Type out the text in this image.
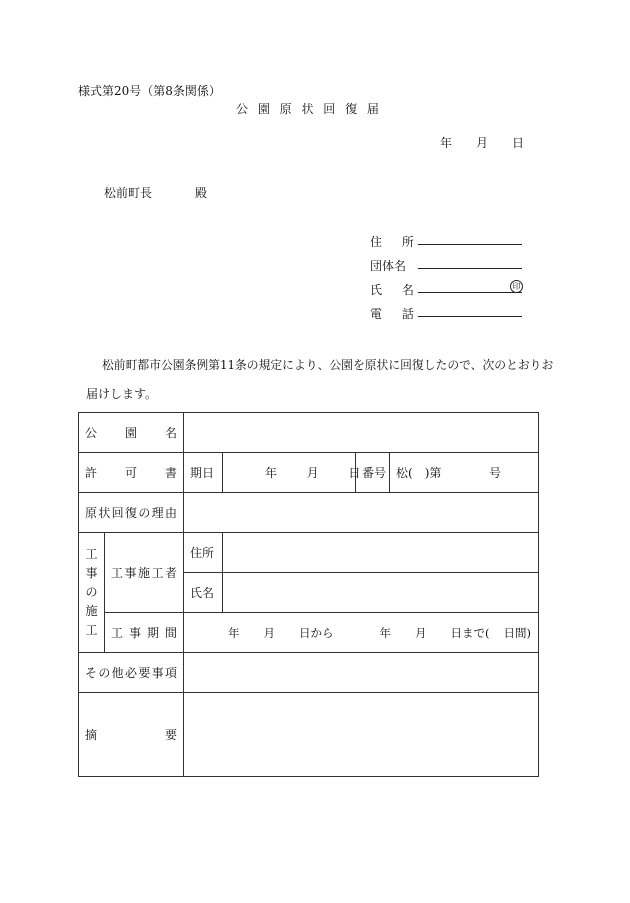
様式第20号（第8条関係）
公 園 原 状 回 復 届
年 月 日
松前町長	殿
住 所
団体名
氏 名	印
電 話
松前町都市公園条例第11条の規定により、公園を原状に回復したので、次のとおりお
届けします。
公 園 名					

許 可 書		期日	年 月 日	番号	松(　)第 号

原状回復の理由					

工事の施工	工事施工者	住所			
		氏名			

	工 事 期 間	年 月 日から 年 月 日まで( 日間)			

その他必要事項					

摘 要					
